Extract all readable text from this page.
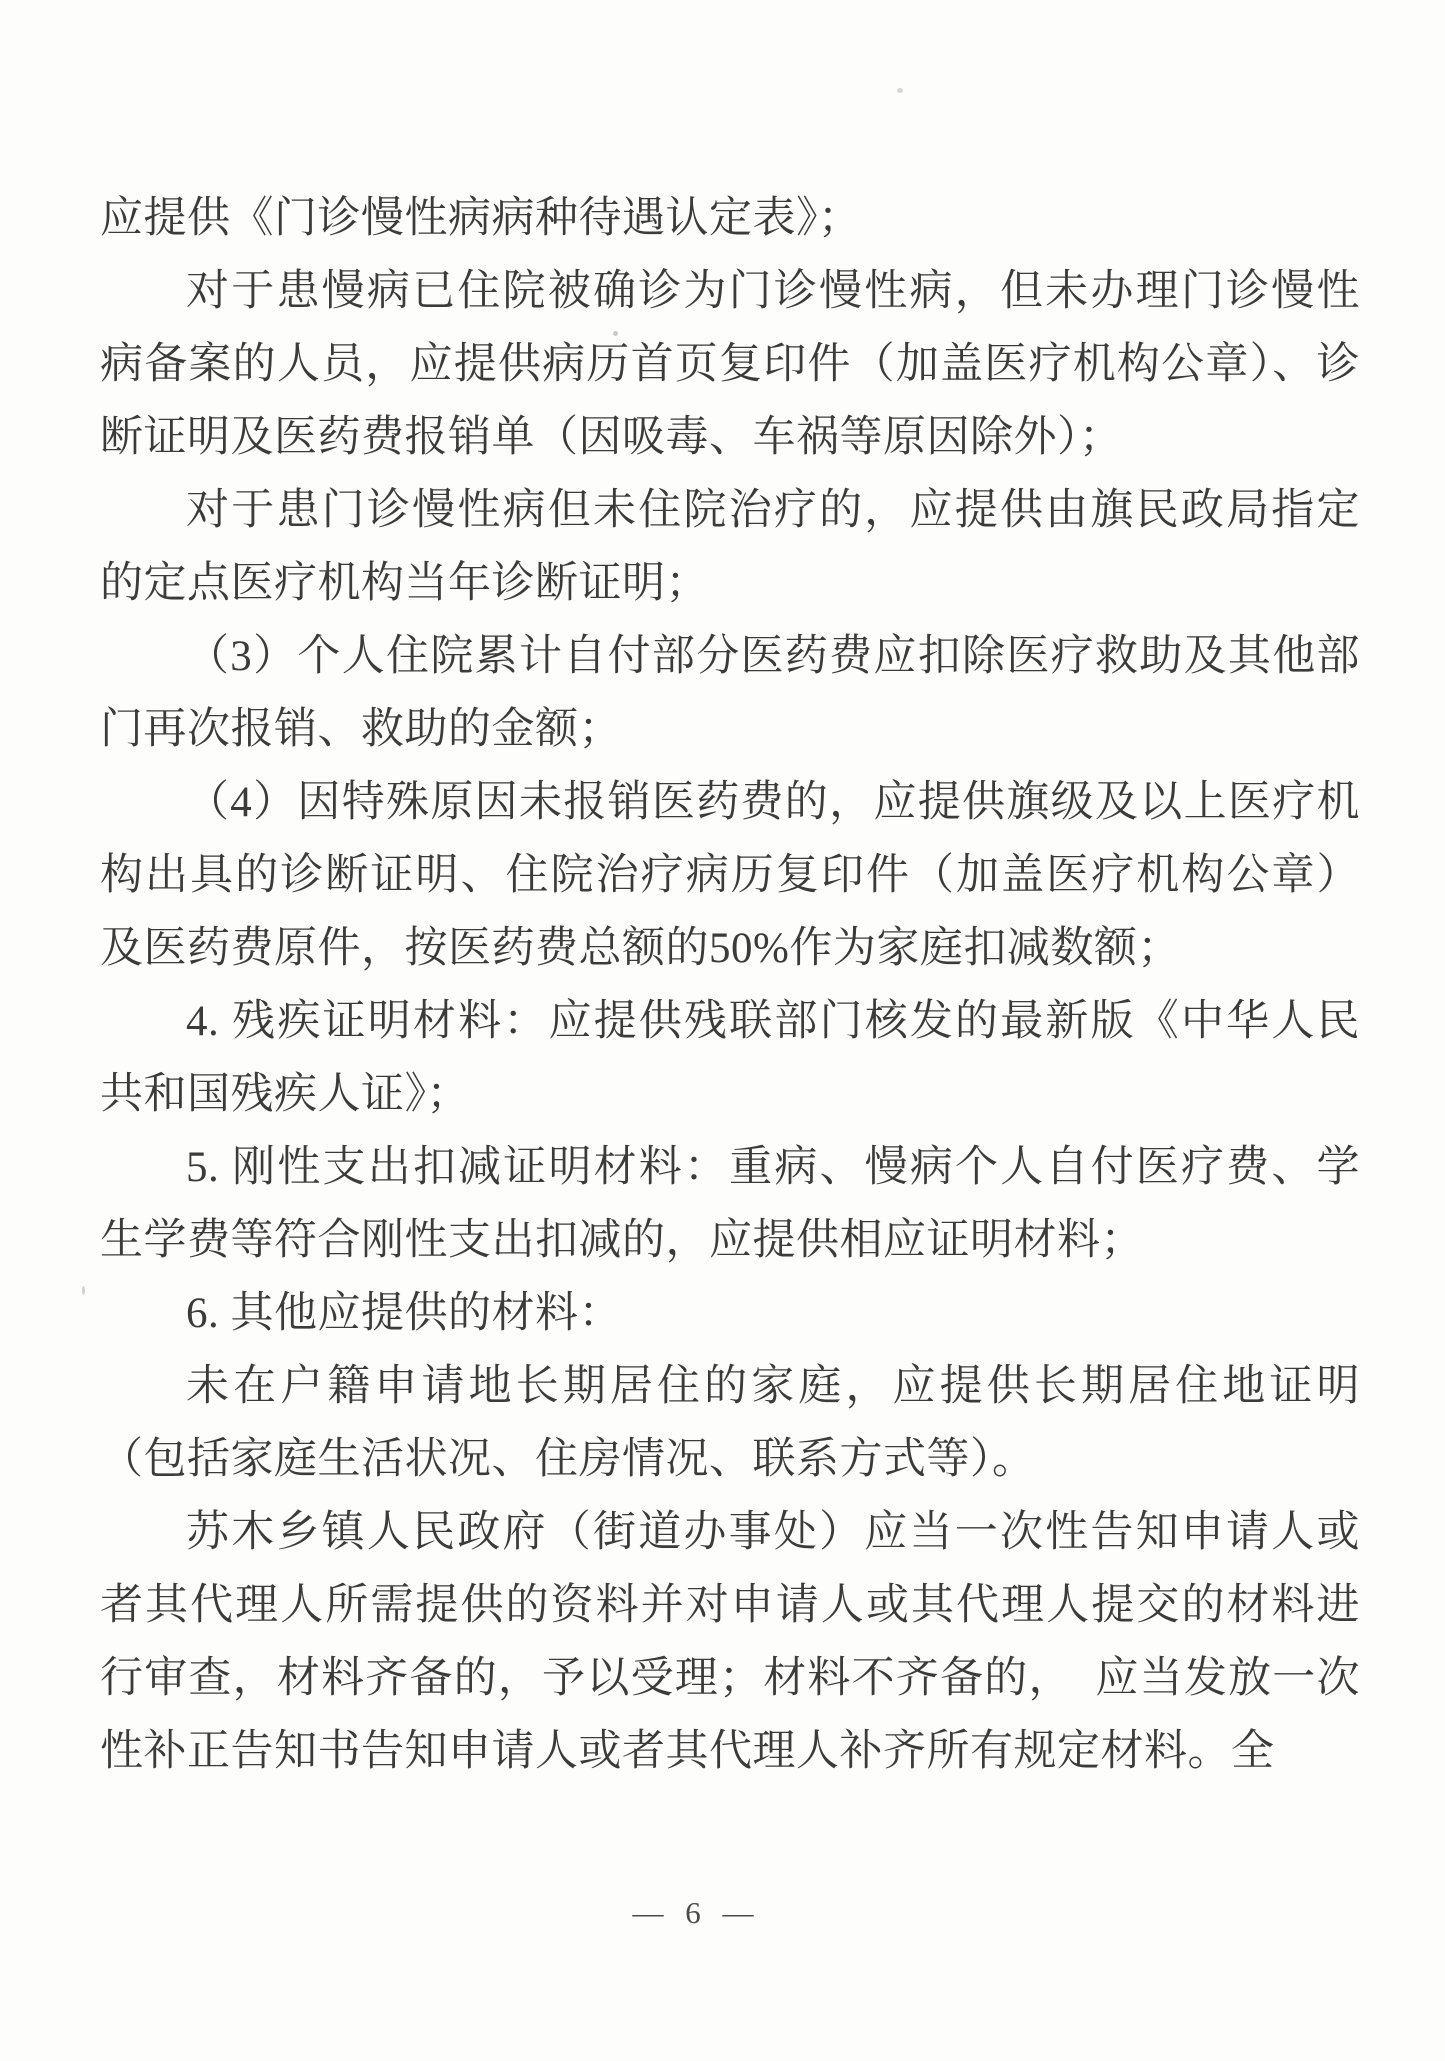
应提供《门诊慢性病病种待遇认定表》；

对于患慢病已住院被确诊为门诊慢性病，但未办理门诊慢性病备案的人员，应提供病历首页复印件（加盖医疗机构公章）、诊断证明及医药费报销单（因吸毒、车祸等原因除外）；

对于患门诊慢性病但未住院治疗的，应提供由旗民政局指定的定点医疗机构当年诊断证明；

（3）个人住院累计自付部分医药费应扣除医疗救助及其他部门再次报销、救助的金额；

（4）因特殊原因未报销医药费的，应提供旗级及以上医疗机构出具的诊断证明、住院治疗病历复印件（加盖医疗机构公章）及医药费原件，按医药费总额的50%作为家庭扣减数额；

4. 残疾证明材料：应提供残联部门核发的最新版《中华人民共和国残疾人证》；

5. 刚性支出扣减证明材料：重病、慢病个人自付医疗费、学生学费等符合刚性支出扣减的，应提供相应证明材料；

6. 其他应提供的材料：

未在户籍申请地长期居住的家庭，应提供长期居住地证明（包括家庭生活状况、住房情况、联系方式等）。

苏木乡镇人民政府（街道办事处）应当一次性告知申请人或者其代理人所需提供的资料并对申请人或其代理人提交的材料进行审查，材料齐备的，予以受理；材料不齐备的，　应当发放一次性补正告知书告知申请人或者其代理人补齐所有规定材料。全

— 6 —
